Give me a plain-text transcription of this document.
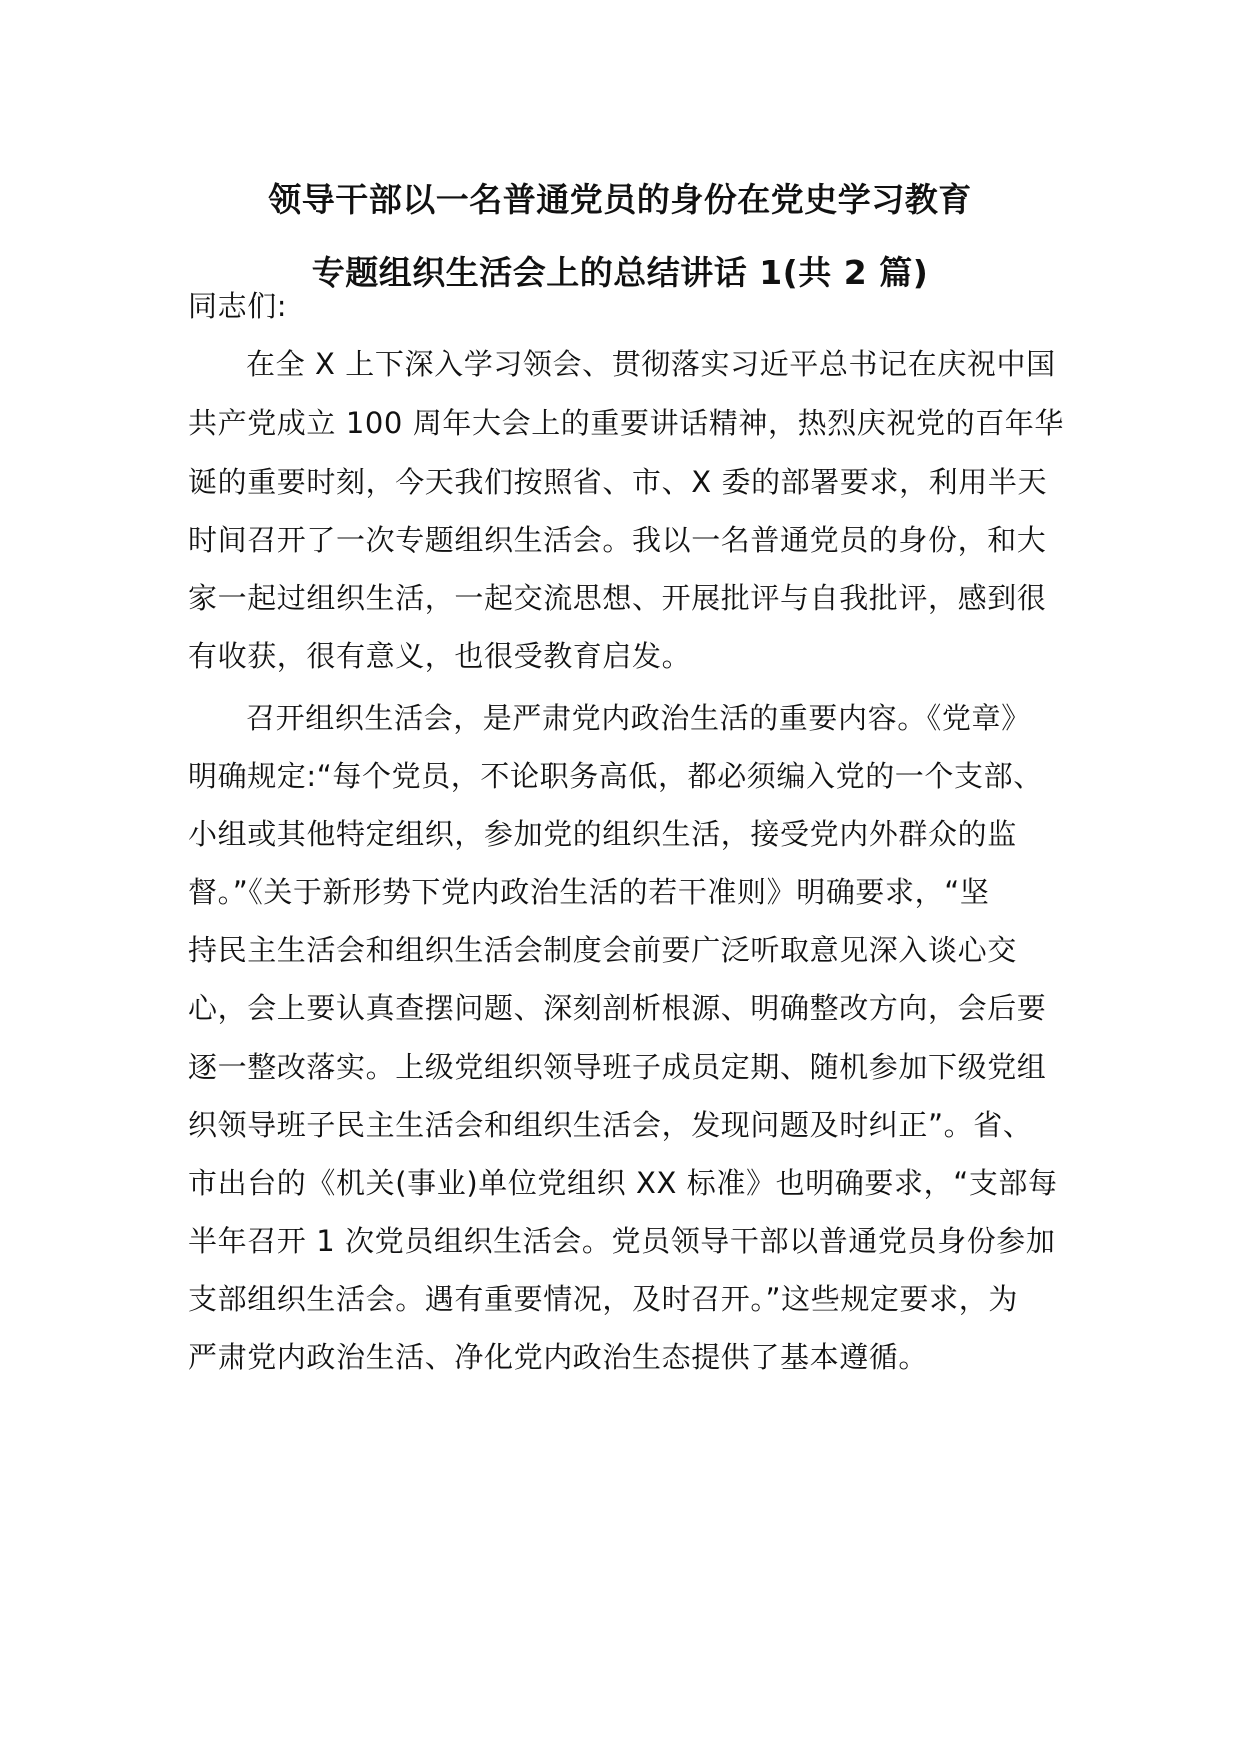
领导干部以一名普通党员的身份在党史学习教育
专题组织生活会上的总结讲话 1(共 2 篇)
同志们:
在全 X 上下深入学习领会、贯彻落实习近平总书记在庆祝中国
共产党成立 100 周年大会上的重要讲话精神，热烈庆祝党的百年华
诞的重要时刻，今天我们按照省、市、X 委的部署要求，利用半天
时间召开了一次专题组织生活会。我以一名普通党员的身份，和大
家一起过组织生活，一起交流思想、开展批评与自我批评，感到很
有收获，很有意义，也很受教育启发。
召开组织生活会，是严肃党内政治生活的重要内容。《党章》
明确规定:“每个党员，不论职务高低，都必须编入党的一个支部、
小组或其他特定组织，参加党的组织生活，接受党内外群众的监
督。”《关于新形势下党内政治生活的若干准则》明确要求，“坚
持民主生活会和组织生活会制度会前要广泛听取意见深入谈心交
心，会上要认真查摆问题、深刻剖析根源、明确整改方向，会后要
逐一整改落实。上级党组织领导班子成员定期、随机参加下级党组
织领导班子民主生活会和组织生活会，发现问题及时纠正”。省、
市出台的《机关(事业)单位党组织 XX 标准》也明确要求，“支部每
半年召开 1 次党员组织生活会。党员领导干部以普通党员身份参加
支部组织生活会。遇有重要情况，及时召开。”这些规定要求，为
严肃党内政治生活、净化党内政治生态提供了基本遵循。
